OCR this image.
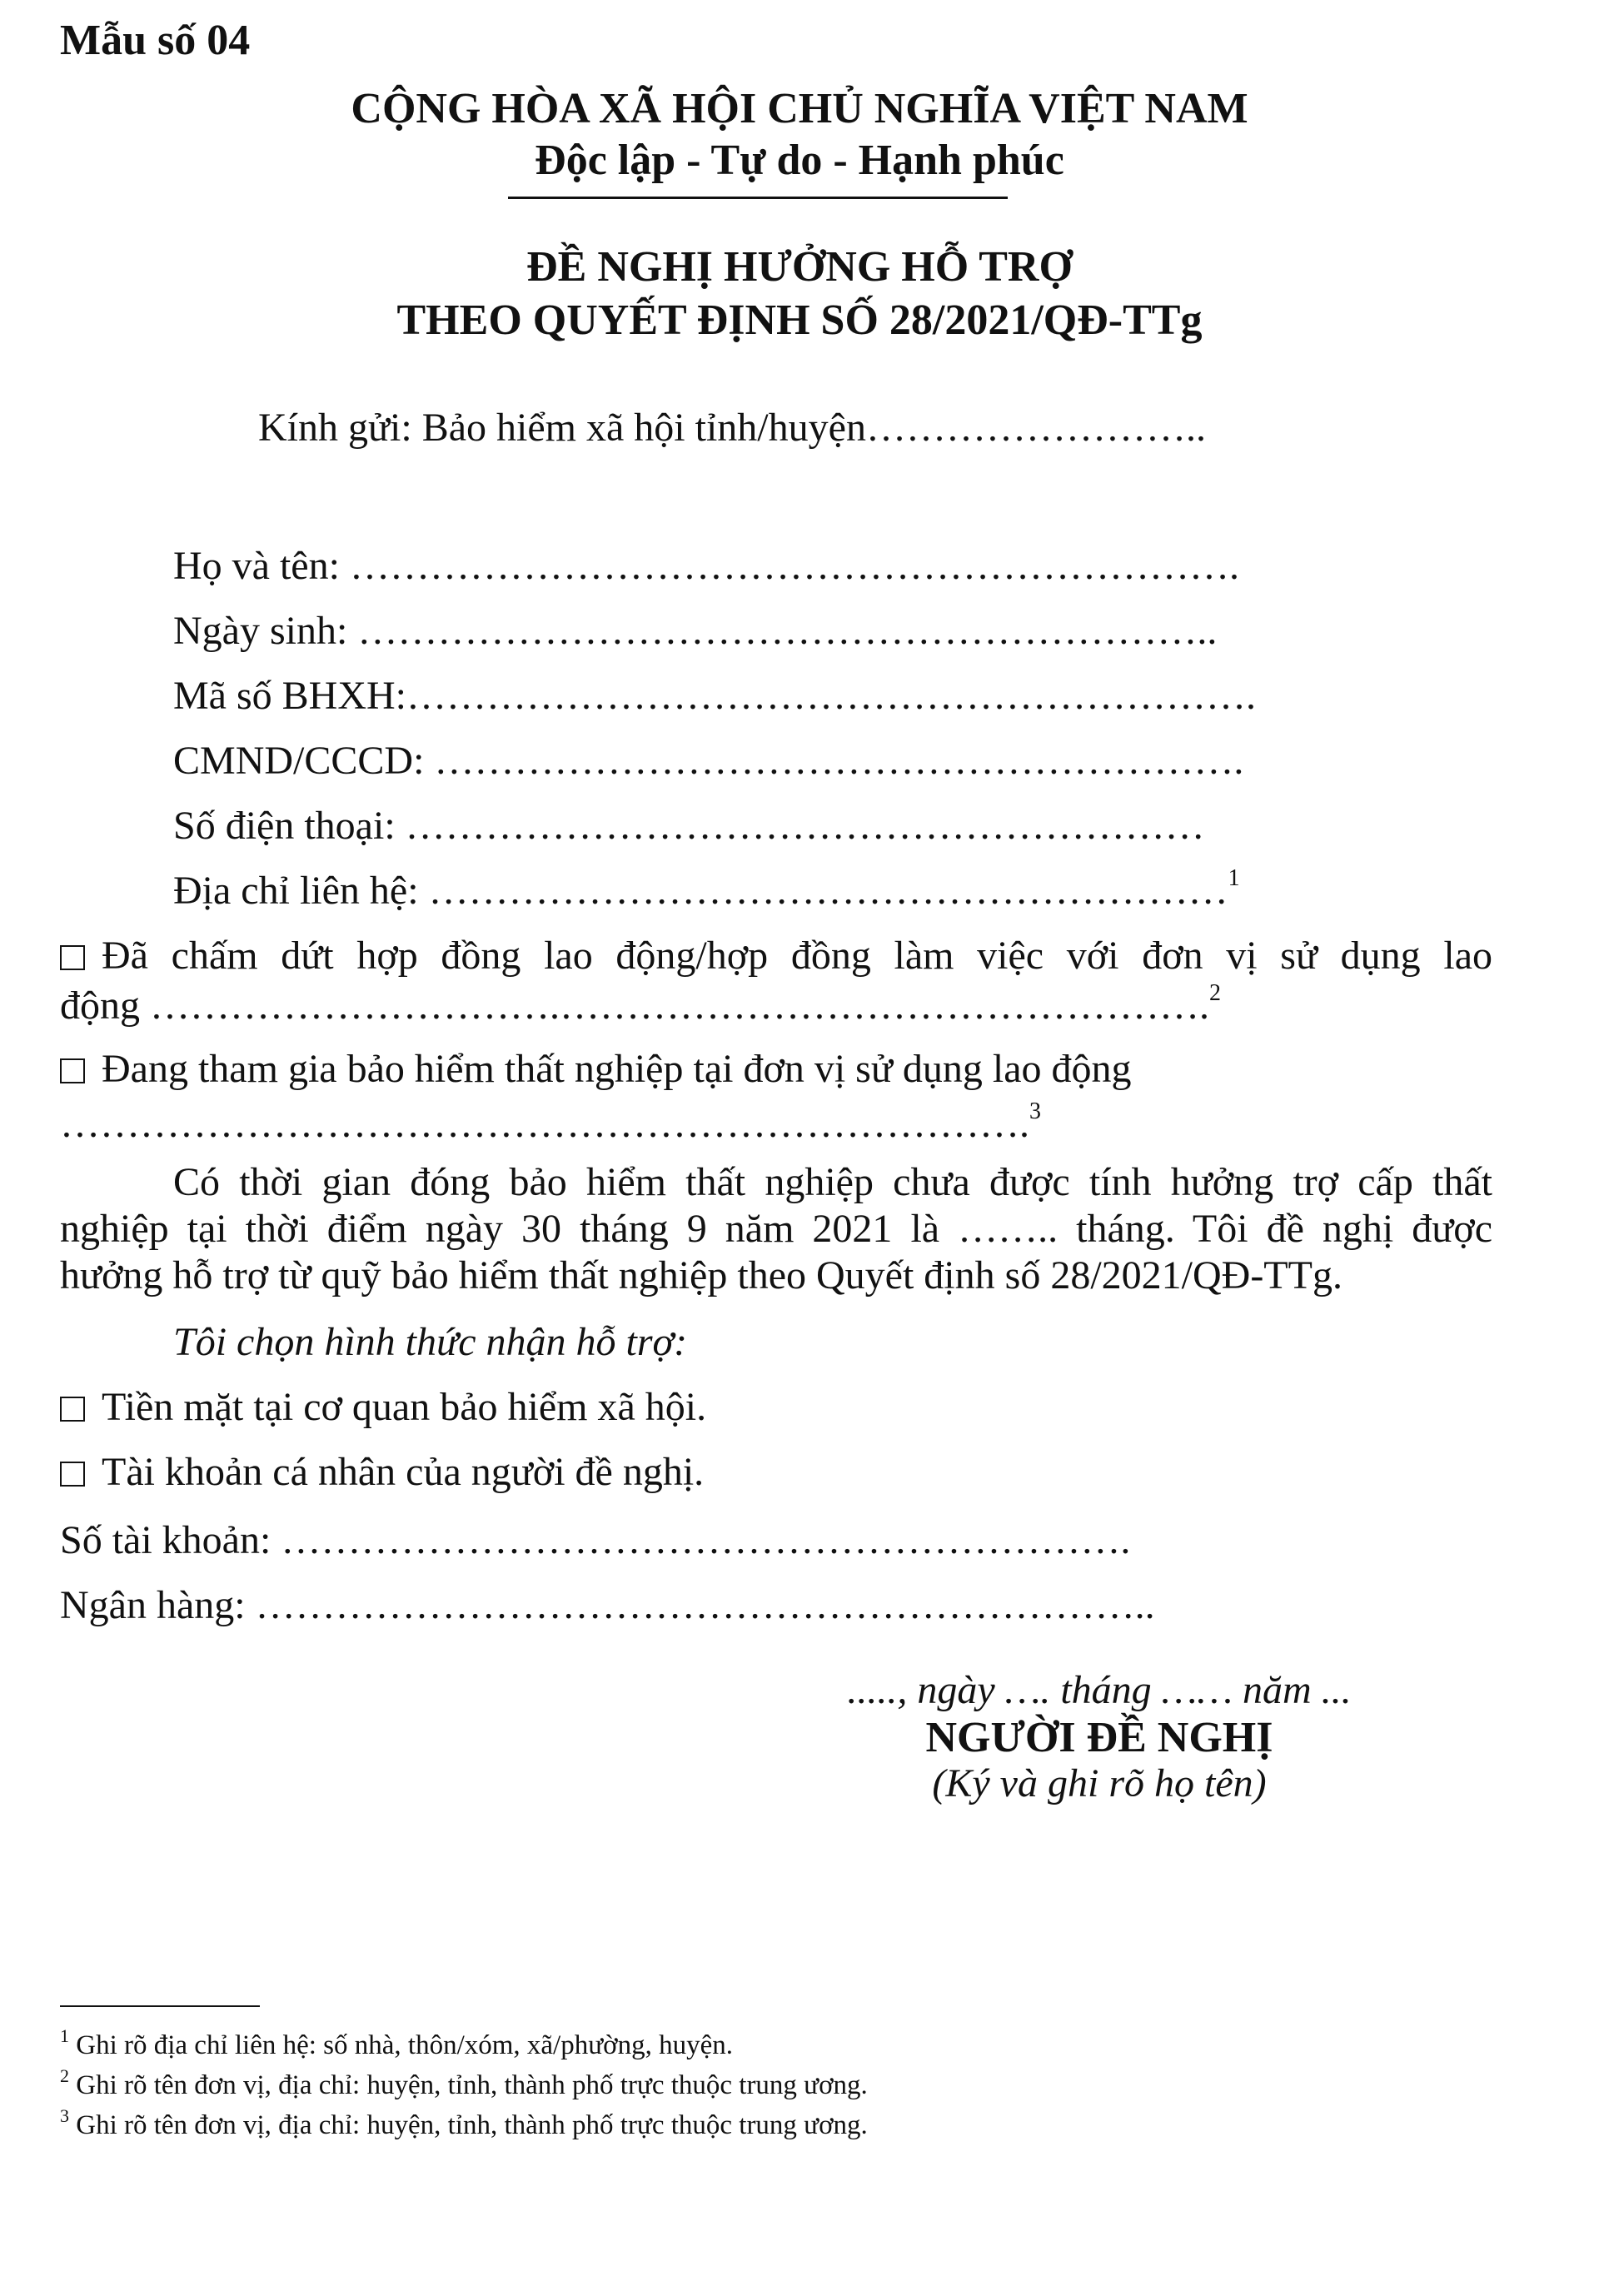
Mẫu số 04
CỘNG HÒA XÃ HỘI CHỦ NGHĨA VIỆT NAM
Độc lập - Tự do - Hạnh phúc
ĐỀ NGHỊ HƯỞNG HỖ TRỢ
THEO QUYẾT ĐỊNH SỐ 28/2021/QĐ-TTg
Kính gửi: Bảo hiểm xã hội tỉnh/huyện……………………..
Họ và tên: ………………………………………………………….
Ngày sinh: ………………………………………………………..
Mã số BHXH:……………………………………………………….
CMND/CCCD: …………………………………………………….
Số điện thoại: ……………………………………………………
Địa chỉ liên hệ: ……………………………………………………$^1$
Đã chấm dứt hợp đồng lao động/hợp đồng làm việc với đơn vị sử dụng lao
động ………………………….………………………………………….$^2$
Đang tham gia bảo hiểm thất nghiệp tại đơn vị sử dụng lao động
……………………………………………………………….$^3$
Có thời gian đóng bảo hiểm thất nghiệp chưa được tính hưởng trợ cấp thất
nghiệp tại thời điểm ngày 30 tháng 9 năm 2021 là …….. tháng. Tôi đề nghị được
hưởng hỗ trợ từ quỹ bảo hiểm thất nghiệp theo Quyết định số 28/2021/QĐ-TTg.
Tôi chọn hình thức nhận hỗ trợ:
Tiền mặt tại cơ quan bảo hiểm xã hội.
Tài khoản cá nhân của người đề nghị.
Số tài khoản: ……………………………………………………….
Ngân hàng: …………………………………………………………..
....., ngày …. tháng …… năm ...
NGƯỜI ĐỀ NGHỊ
(Ký và ghi rõ họ tên)
$^1$ Ghi rõ địa chỉ liên hệ: số nhà, thôn/xóm, xã/phường, huyện.
$^2$ Ghi rõ tên đơn vị, địa chỉ: huyện, tỉnh, thành phố trực thuộc trung ương.
$^3$ Ghi rõ tên đơn vị, địa chỉ: huyện, tỉnh, thành phố trực thuộc trung ương.
